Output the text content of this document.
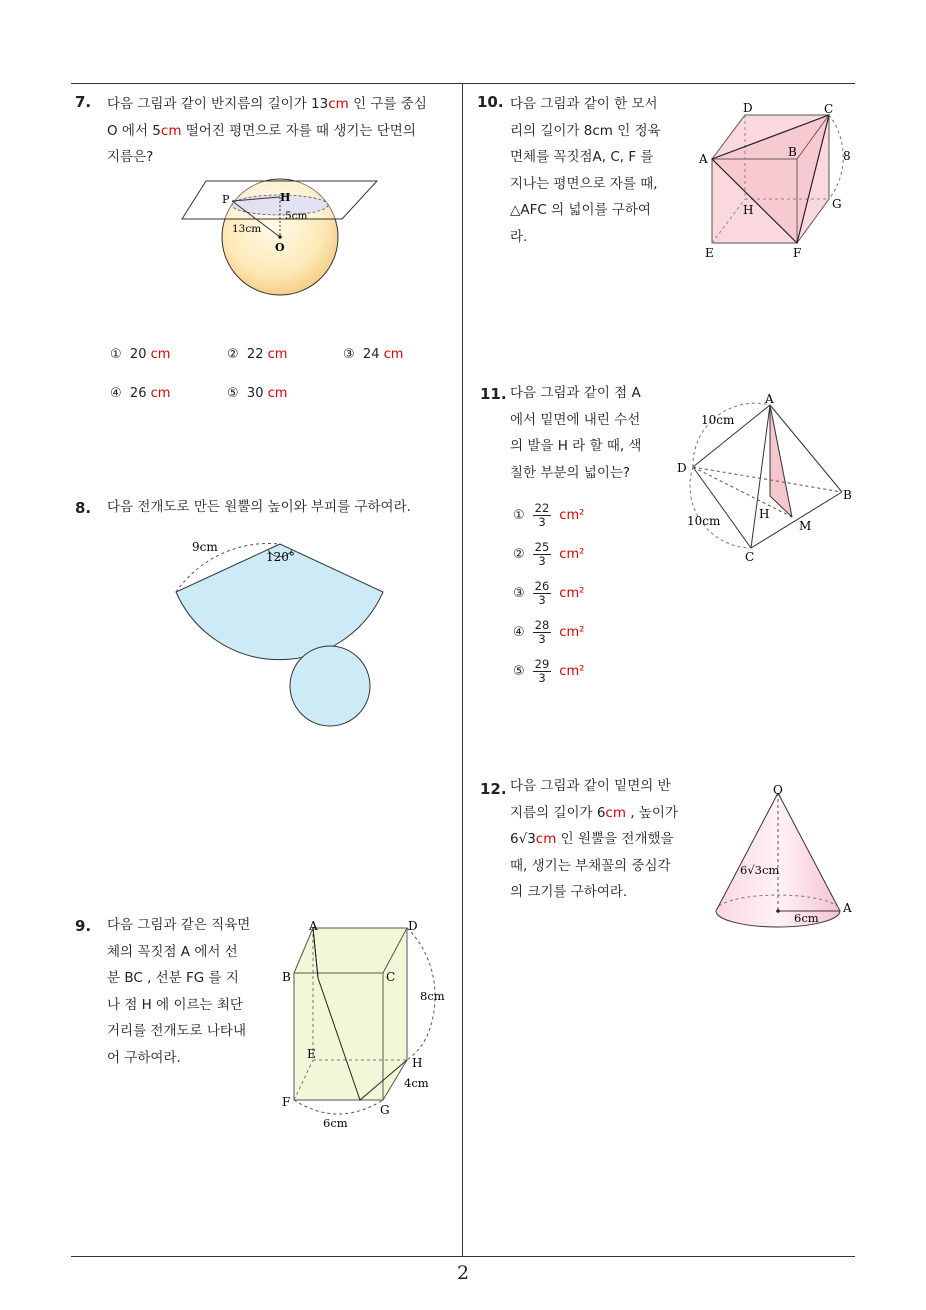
7. 다음 그림과 같이 반지름의 길이가 13cm 인 구를 중심
O 에서 5cm 떨어진 평면으로 자를 때 생기는 단면의
지름은?
P	H
O
13cm
5cm
① 20 cm	② 22 cm	③ 24 cm
④ 26 cm	⑤ 30 cm
8. 다음 전개도로 만든 원뿔의 높이와 부피를 구하여라.
9cm
120°
9. 다음 그림과 같은 직육면
체의 꼭짓점 A 에서 선
분 BC , 선분 FG 를 지
나 점 H 에 이르는 최단
거리를 전개도로 나타내
어 구하여라.
A	D
B	C
E
H
F
G
8cm
4cm
6cm
10. 다음 그림과 같이 한 모서
리의 길이가 8cm 인 정육
면체를 꼭짓점A, C, F 를
지나는 평면으로 자를 때,
△AFC 의 넓이를 구하여
라.
D	C
A	B	8
H	G
E	F
11. 다음 그림과 같이 점 A
에서 밑면에 내린 수선
의 발을 H 라 할 때, 색
칠한 부분의 넓이는?
A
D
B
C
H
M
10cm
10cm
① $\frac{22}{3} cm^2$
② $\frac{25}{3} cm^2$
③ $\frac{26}{3} cm^2$
④ $\frac{28}{3} cm^2$
⑤ $\frac{29}{3} cm^2$
12. 다음 그림과 같이 밑면의 반
지름의 길이가 6cm , 높이가
6√3cm 인 원뿔을 전개했을
때, 생기는 부채꼴의 중심각
의 크기를 구하여라.
O
A
6√3cm
6cm
2
